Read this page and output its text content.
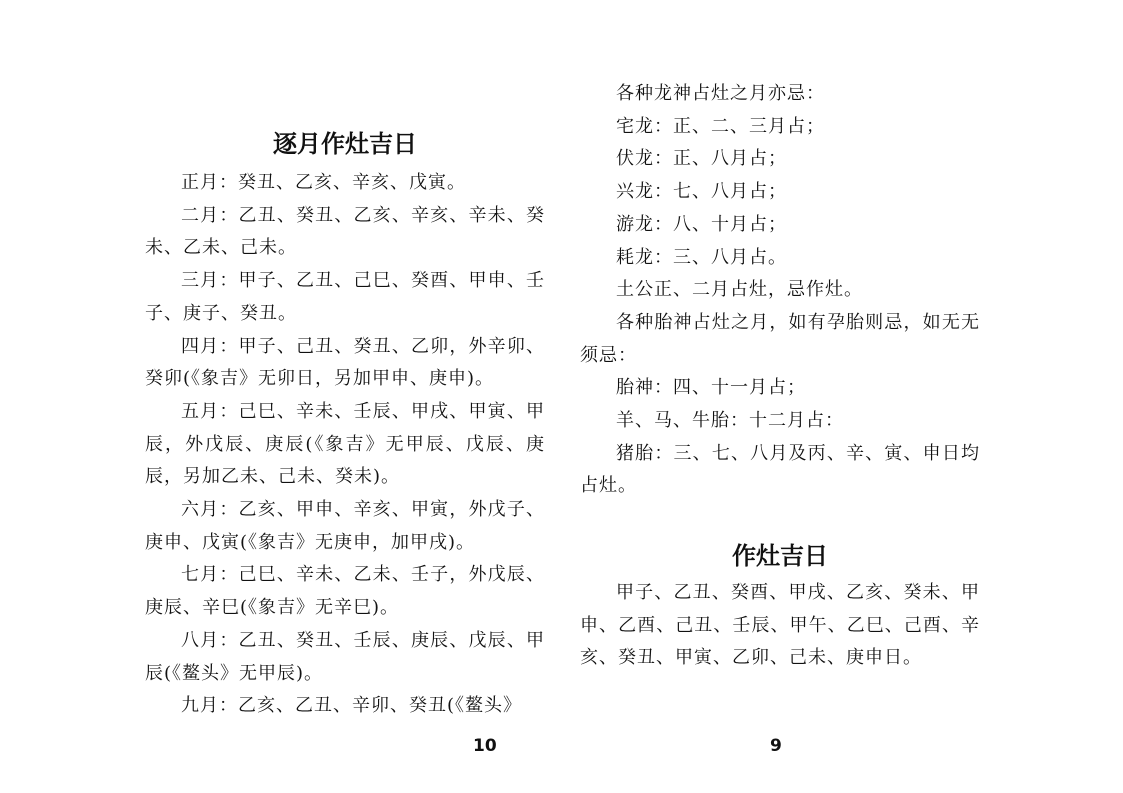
逐月作灶吉日

正月：癸丑、乙亥、辛亥、戊寅。

二月：乙丑、癸丑、乙亥、辛亥、辛未、癸未、乙未、己未。

三月：甲子、乙丑、己巳、癸酉、甲申、壬子、庚子、癸丑。

四月：甲子、己丑、癸丑、乙卯，外辛卯、癸卯(《象吉》无卯日，另加甲申、庚申)。

五月：己巳、辛未、壬辰、甲戌、甲寅、甲辰，外戊辰、庚辰(《象吉》无甲辰、戊辰、庚辰，另加乙未、己未、癸未)。

六月：乙亥、甲申、辛亥、甲寅，外戊子、庚申、戊寅(《象吉》无庚申，加甲戌)。

七月：己巳、辛未、乙未、壬子，外戊辰、庚辰、辛巳(《象吉》无辛巳)。

八月：乙丑、癸丑、壬辰、庚辰、戊辰、甲辰(《鳌头》无甲辰)。

九月：乙亥、乙丑、辛卯、癸丑(《鳌头》

10

各种龙神占灶之月亦忌：

宅龙：正、二、三月占；

伏龙：正、八月占；

兴龙：七、八月占；

游龙：八、十月占；

耗龙：三、八月占。

土公正、二月占灶，忌作灶。

各种胎神占灶之月，如有孕胎则忌，如无无须忌：

胎神：四、十一月占；

羊、马、牛胎：十二月占：

猪胎：三、七、八月及丙、辛、寅、申日均占灶。

作灶吉日

甲子、乙丑、癸酉、甲戌、乙亥、癸未、甲申、乙酉、己丑、壬辰、甲午、乙巳、己酉、辛亥、癸丑、甲寅、乙卯、己未、庚申日。

9
